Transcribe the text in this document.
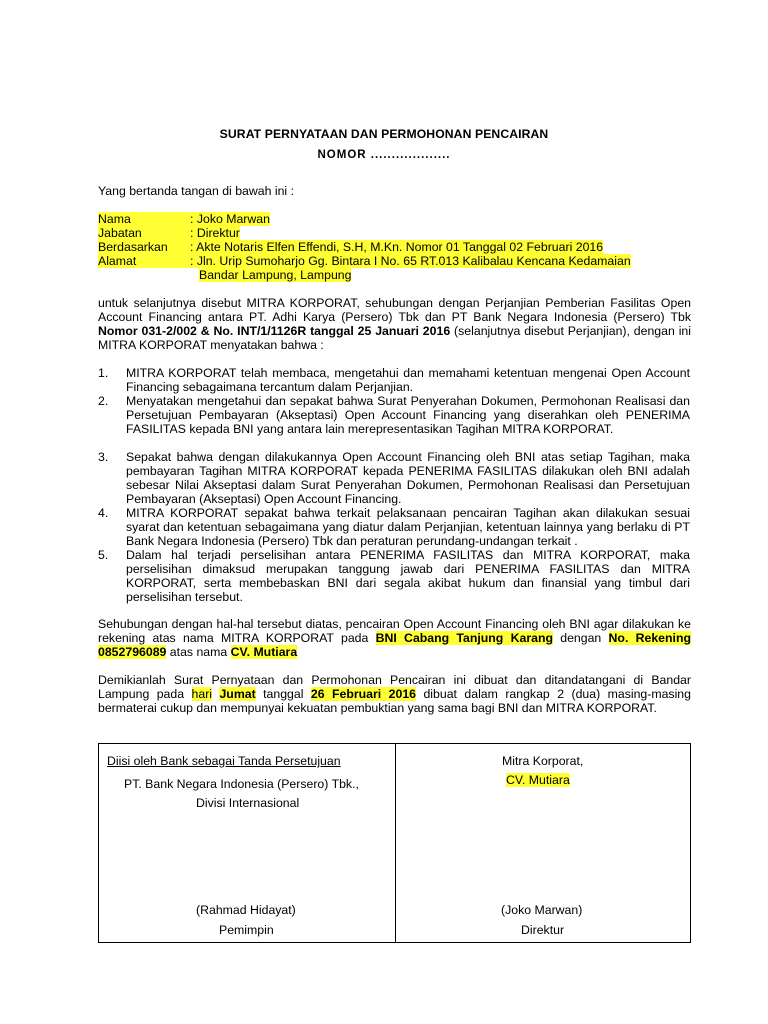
SURAT PERNYATAAN DAN PERMOHONAN PENCAIRAN
NOMOR ...................
Yang bertanda tangan di bawah ini :
Nama	: Joko Marwan
Jabatan	: Direktur
Berdasarkan	: Akte Notaris Elfen Effendi, S.H, M.Kn. Nomor 01 Tanggal 02 Februari 2016
Alamat	: Jln. Urip Sumoharjo Gg. Bintara I No. 65 RT.013 Kalibalau Kencana Kedamaian
Bandar Lampung, Lampung
untuk selanjutnya disebut MITRA KORPORAT, sehubungan dengan Perjanjian Pemberian Fasilitas Open Account Financing antara PT. Adhi Karya (Persero) Tbk dan PT Bank Negara Indonesia (Persero) Tbk Nomor 031-2/002 & No. INT/1/1126R tanggal 25 Januari 2016 (selanjutnya disebut Perjanjian), dengan ini MITRA KORPORAT menyatakan bahwa :
1. MITRA KORPORAT telah membaca, mengetahui dan memahami ketentuan mengenai Open Account Financing sebagaimana tercantum dalam Perjanjian.
2. Menyatakan mengetahui dan sepakat bahwa Surat Penyerahan Dokumen, Permohonan Realisasi dan Persetujuan Pembayaran (Akseptasi) Open Account Financing yang diserahkan oleh PENERIMA FASILITAS kepada BNI yang antara lain merepresentasikan Tagihan MITRA KORPORAT.
3. Sepakat bahwa dengan dilakukannya Open Account Financing oleh BNI atas setiap Tagihan, maka pembayaran Tagihan MITRA KORPORAT kepada PENERIMA FASILITAS dilakukan oleh BNI adalah sebesar Nilai Akseptasi dalam Surat Penyerahan Dokumen, Permohonan Realisasi dan Persetujuan Pembayaran (Akseptasi) Open Account Financing.
4. MITRA KORPORAT sepakat bahwa terkait pelaksanaan pencairan Tagihan akan dilakukan sesuai syarat dan ketentuan sebagaimana yang diatur dalam Perjanjian, ketentuan lainnya yang berlaku di PT Bank Negara Indonesia (Persero) Tbk dan peraturan perundang-undangan terkait .
5. Dalam hal terjadi perselisihan antara PENERIMA FASILITAS dan MITRA KORPORAT, maka perselisihan dimaksud merupakan tanggung jawab dari PENERIMA FASILITAS dan MITRA KORPORAT, serta membebaskan BNI dari segala akibat hukum dan finansial yang timbul dari perselisihan tersebut.
Sehubungan dengan hal-hal tersebut diatas, pencairan Open Account Financing oleh BNI agar dilakukan ke rekening atas nama MITRA KORPORAT pada BNI Cabang Tanjung Karang dengan No. Rekening 0852796089 atas nama CV. Mutiara
Demikianlah Surat Pernyataan dan Permohonan Pencairan ini dibuat dan ditandatangani di Bandar Lampung pada hari Jumat tanggal 26 Februari 2016 dibuat dalam rangkap 2 (dua) masing-masing bermaterai cukup dan mempunyai kekuatan pembuktian yang sama bagi BNI dan MITRA KORPORAT.
Diisi oleh Bank sebagai Tanda Persetujuan
PT. Bank Negara Indonesia (Persero) Tbk.,
Divisi Internasional
(Rahmad Hidayat)
Pemimpin

Mitra Korporat,
CV. Mutiara
(Joko Marwan)
Direktur
